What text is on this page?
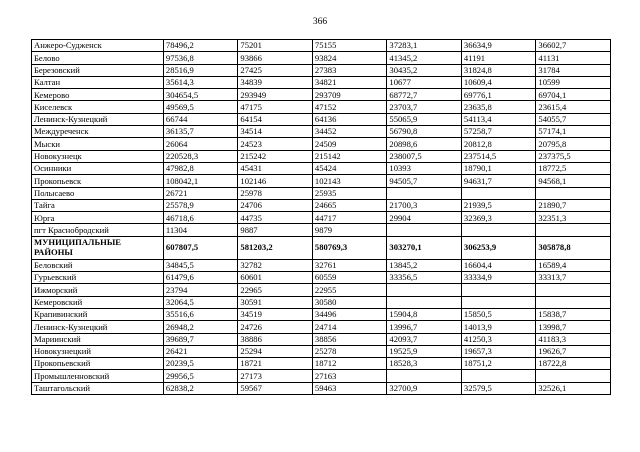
366
Анжеро-Судженск	78496,2	75201	75155	37283,1	36634,9	36602,7
Белово	97536,8	93866	93824	41345,2	41191	41131
Березовский	28516,9	27425	27383	30435,2	31824,8	31784
Калтан	35614,3	34839	34821	10677	10609,4	10599
Кемерово	304654,5	293949	293709	68772,7	69776,1	69704,1
Киселевск	49569,5	47175	47152	23703,7	23635,8	23615,4
Ленинск-Кузнецкий	66744	64154	64136	55065,9	54113,4	54055,7
Междуреченск	36135,7	34514	34452	56790,8	57258,7	57174,1
Мыски	26064	24523	24509	20898,6	20812,8	20795,8
Новокузнецк	220528,3	215242	215142	238007,5	237514,5	237375,5
Осинники	47982,8	45431	45424	10393	18790,1	18772,5
Прокопьевск	108042,1	102146	102143	94505,7	94631,7	94568,1
Полысаево	26721	25978	25935			
Тайга	25578,9	24706	24665	21700,3	21939,5	21890,7
Юрга	46718,6	44735	44717	29904	32369,3	32351,3
пгт Краснобродский	11304	9887	9879			
МУНИЦИПАЛЬНЫЕ РАЙОНЫ	607807,5	581203,2	580769,3	303270,1	306253,9	305878,8
Беловский	34845,5	32782	32761	13845,2	16604,4	16589,4
Гурьевский	61479,6	60601	60559	33356,5	33334,9	33313,7
Ижморский	23794	22965	22955			
Кемеровский	32064,5	30591	30580			
Крапивинский	35516,6	34519	34496	15904,8	15850,5	15838,7
Ленинск-Кузнецкий	26948,2	24726	24714	13996,7	14013,9	13998,7
Мариинский	39689,7	38886	38856	42093,7	41250,3	41183,3
Новокузнецкий	26421	25294	25278	19525,9	19657,3	19626,7
Прокопьевский	20239,5	18721	18712	18528,3	18751,2	18722,8
Промышленновский	29956,5	27173	27163			
Таштагольский	62838,2	59567	59463	32700,9	32579,5	32526,1
